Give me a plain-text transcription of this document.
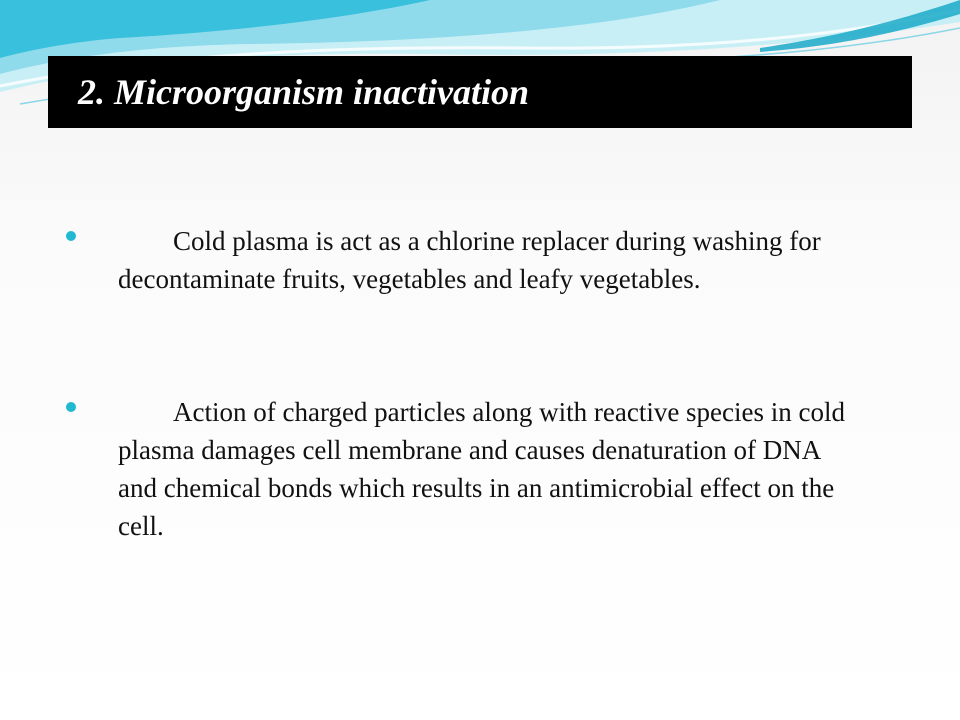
2. Microorganism inactivation

Cold plasma is act as a chlorine replacer during washing for decontaminate fruits, vegetables and leafy vegetables.

Action of charged particles along with reactive species in cold plasma damages cell membrane and causes denaturation of DNA and chemical bonds which results in an antimicrobial effect on the cell.
